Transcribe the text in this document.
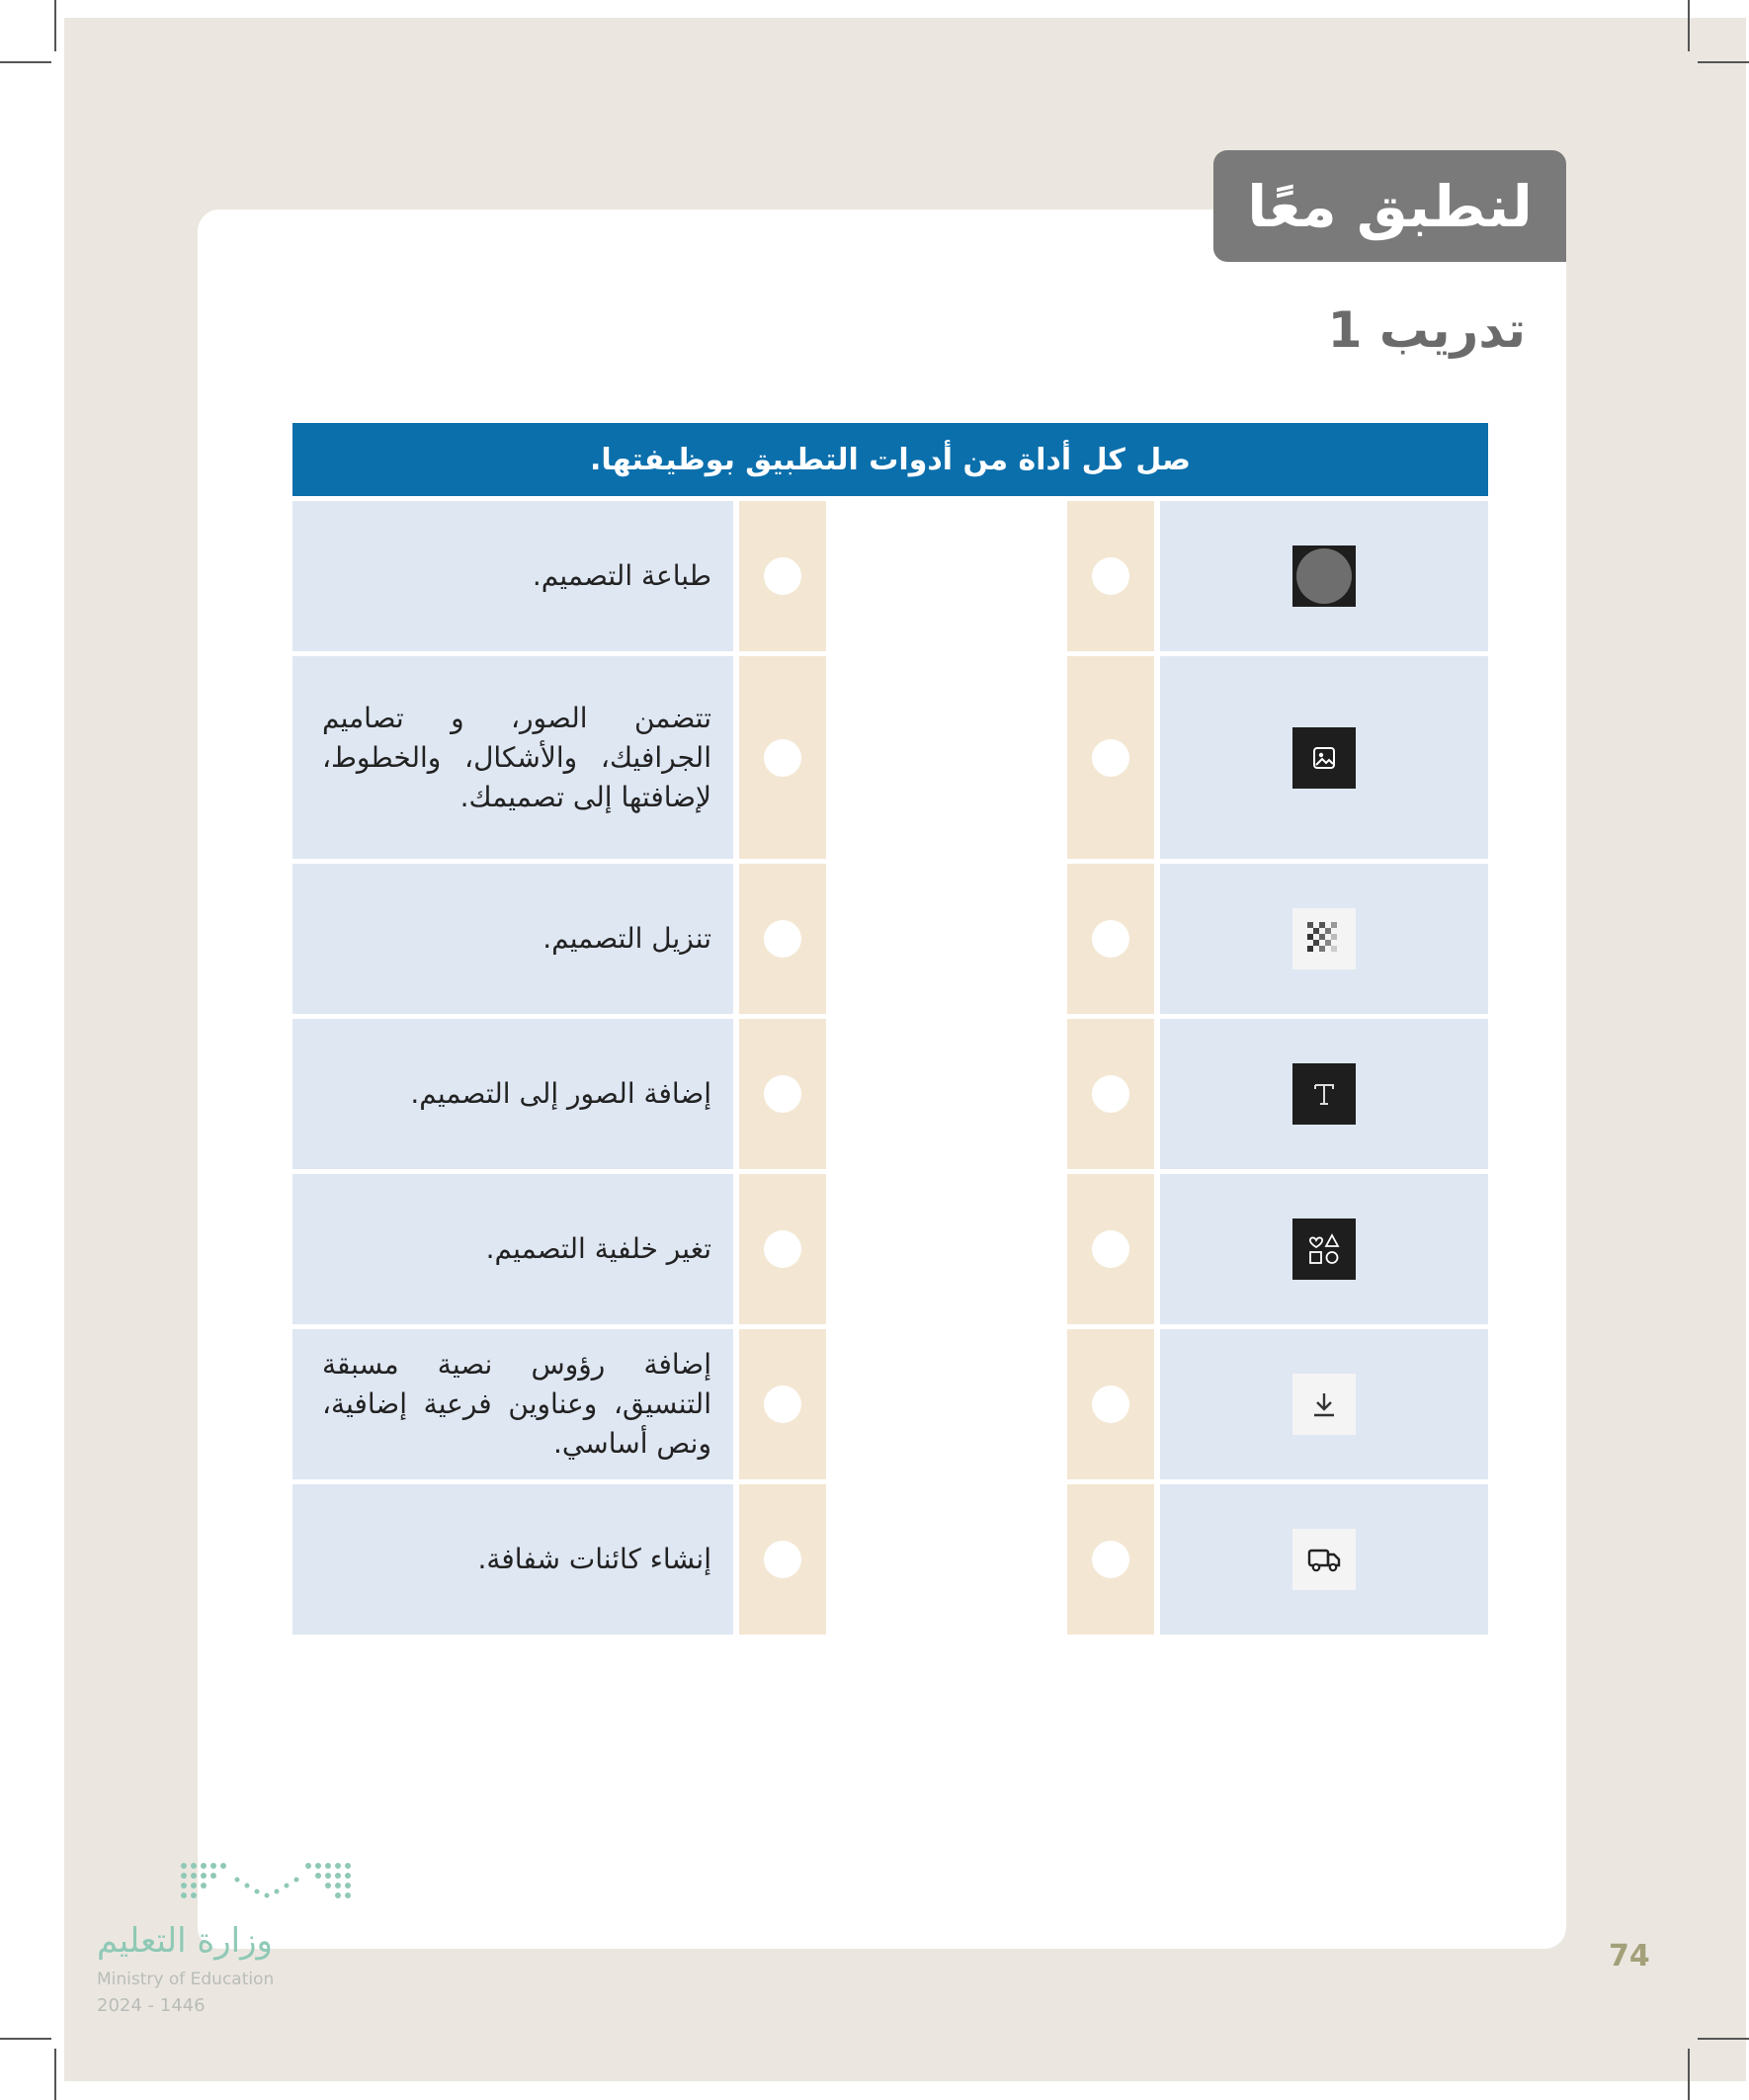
لنطبق معًا
تدريب 1
صل كل أداة من أدوات التطبيق بوظيفتها.
طباعة التصميم.
تتضمن الصور، و تصاميم الجرافيك، والأشكال، والخطوط، لإضافتها إلى تصميمك.
تنزيل التصميم.
إضافة الصور إلى التصميم.
تغير خلفية التصميم.
إضافة رؤوس نصية مسبقة التنسيق، وعناوين فرعية إضافية، ونص أساسي.
إنشاء كائنات شفافة.
74
وزارة التعليم
Ministry of Education
2024 - 1446
